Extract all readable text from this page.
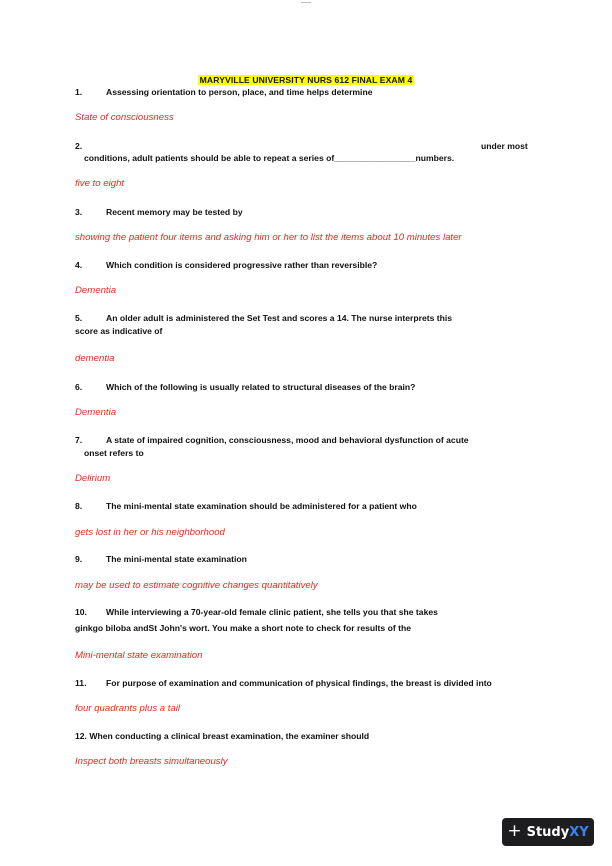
MARYVILLE UNIVERSITY NURS 612 FINAL EXAM 4
1.	Assessing orientation to person, place, and time helps determine
State of consciousness
2.	under most
conditions, adult patients should be able to repeat a series of_________________numbers.
five to eight
3.	Recent memory may be tested by
showing the patient four items and asking him or her to list the items about 10 minutes later
4.	Which condition is considered progressive rather than reversible?
Dementia
5.	An older adult is administered the Set Test and scores a 14. The nurse interprets this
score as indicative of
dementia
6.	Which of the following is usually related to structural diseases of the brain?
Dementia
7.	A state of impaired cognition, consciousness, mood and behavioral dysfunction of acute
onset refers to
Delirium
8.	The mini-mental state examination should be administered for a patient who
gets lost in her or his neighborhood
9.	The mini-mental state examination
may be used to estimate cognitive changes quantitatively
10. While interviewing a 70-year-old female clinic patient, she tells you that she takes
ginkgo biloba andSt John's wort. You make a short note to check for results of the
Mini-mental state examination
11. For purpose of examination and communication of physical findings, the breast is divided into
four quadrants plus a tail
12. When conducting a clinical breast examination, the examiner should
Inspect both breasts simultaneously
+ StudyXY
